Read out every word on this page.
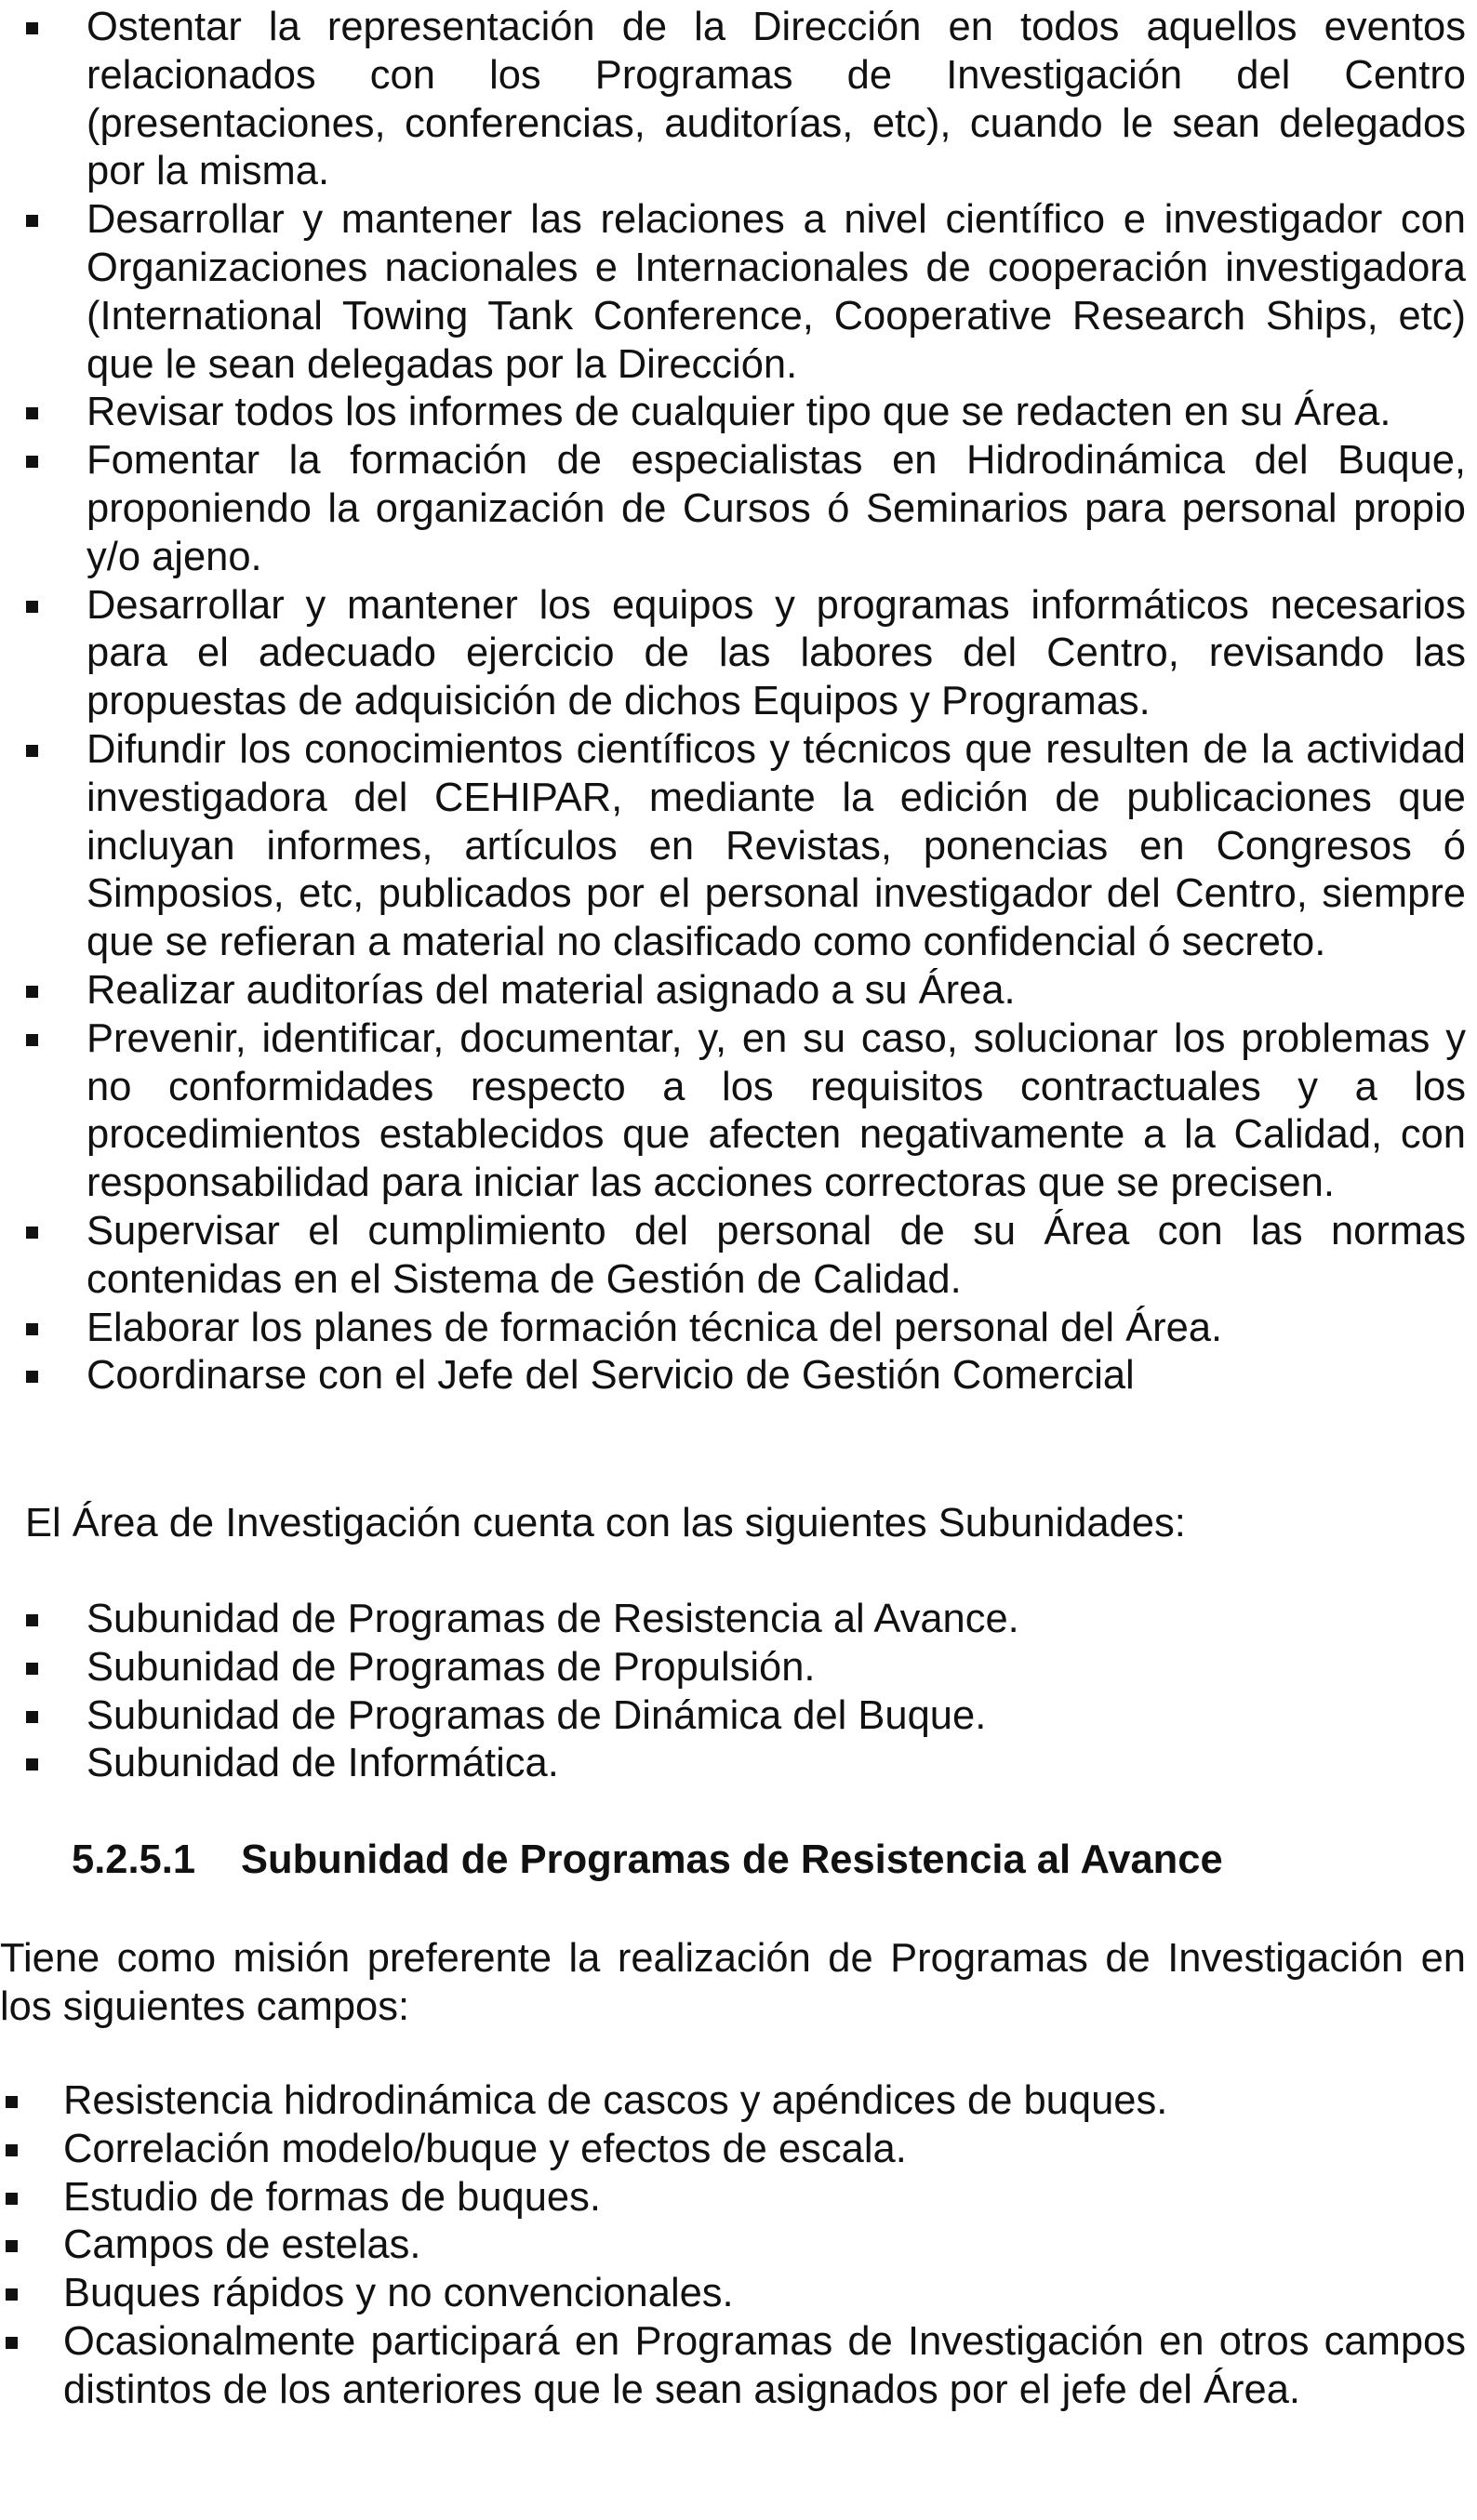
Ostentar la representación de la Dirección en todos aquellos eventos relacionados con los Programas de Investigación del Centro (presentaciones, conferencias, auditorías, etc), cuando le sean delegados por la misma.
Desarrollar y mantener las relaciones a nivel científico e investigador con Organizaciones nacionales e Internacionales de cooperación investigadora (International Towing Tank Conference, Cooperative Research Ships, etc) que le sean delegadas por la Dirección.
Revisar todos los informes de cualquier tipo que se redacten en su Área.
Fomentar la formación de especialistas en Hidrodinámica del Buque, proponiendo la organización de Cursos ó Seminarios para personal propio y/o ajeno.
Desarrollar y mantener los equipos y programas informáticos necesarios para el adecuado ejercicio de las labores del Centro, revisando las propuestas de adquisición de dichos Equipos y Programas.
Difundir los conocimientos científicos y técnicos que resulten de la actividad investigadora del CEHIPAR, mediante la edición de publicaciones que incluyan informes, artículos en Revistas, ponencias en Congresos ó Simposios, etc, publicados por el personal investigador del Centro, siempre que se refieran a material no clasificado como confidencial ó secreto.
Realizar auditorías del material asignado a su Área.
Prevenir, identificar, documentar, y, en su caso, solucionar los problemas y no conformidades respecto a los requisitos contractuales y a los procedimientos establecidos que afecten negativamente a la Calidad, con responsabilidad para iniciar las acciones correctoras que se precisen.
Supervisar el cumplimiento del personal de su Área con las normas contenidas en el Sistema de Gestión de Calidad.
Elaborar los planes de formación técnica del personal del Área.
Coordinarse con el Jefe del Servicio de Gestión Comercial
El Área de Investigación cuenta con las siguientes Subunidades:
Subunidad de Programas de Resistencia al Avance.
Subunidad de Programas de Propulsión.
Subunidad de Programas de Dinámica del Buque.
Subunidad de Informática.
5.2.5.1 Subunidad de Programas de Resistencia al Avance
Tiene como misión preferente la realización de Programas de Investigación en los siguientes campos:
Resistencia hidrodinámica de cascos y apéndices de buques.
Correlación modelo/buque y efectos de escala.
Estudio de formas de buques.
Campos de estelas.
Buques rápidos y no convencionales.
Ocasionalmente participará en Programas de Investigación en otros campos distintos de los anteriores que le sean asignados por el jefe del Área.
